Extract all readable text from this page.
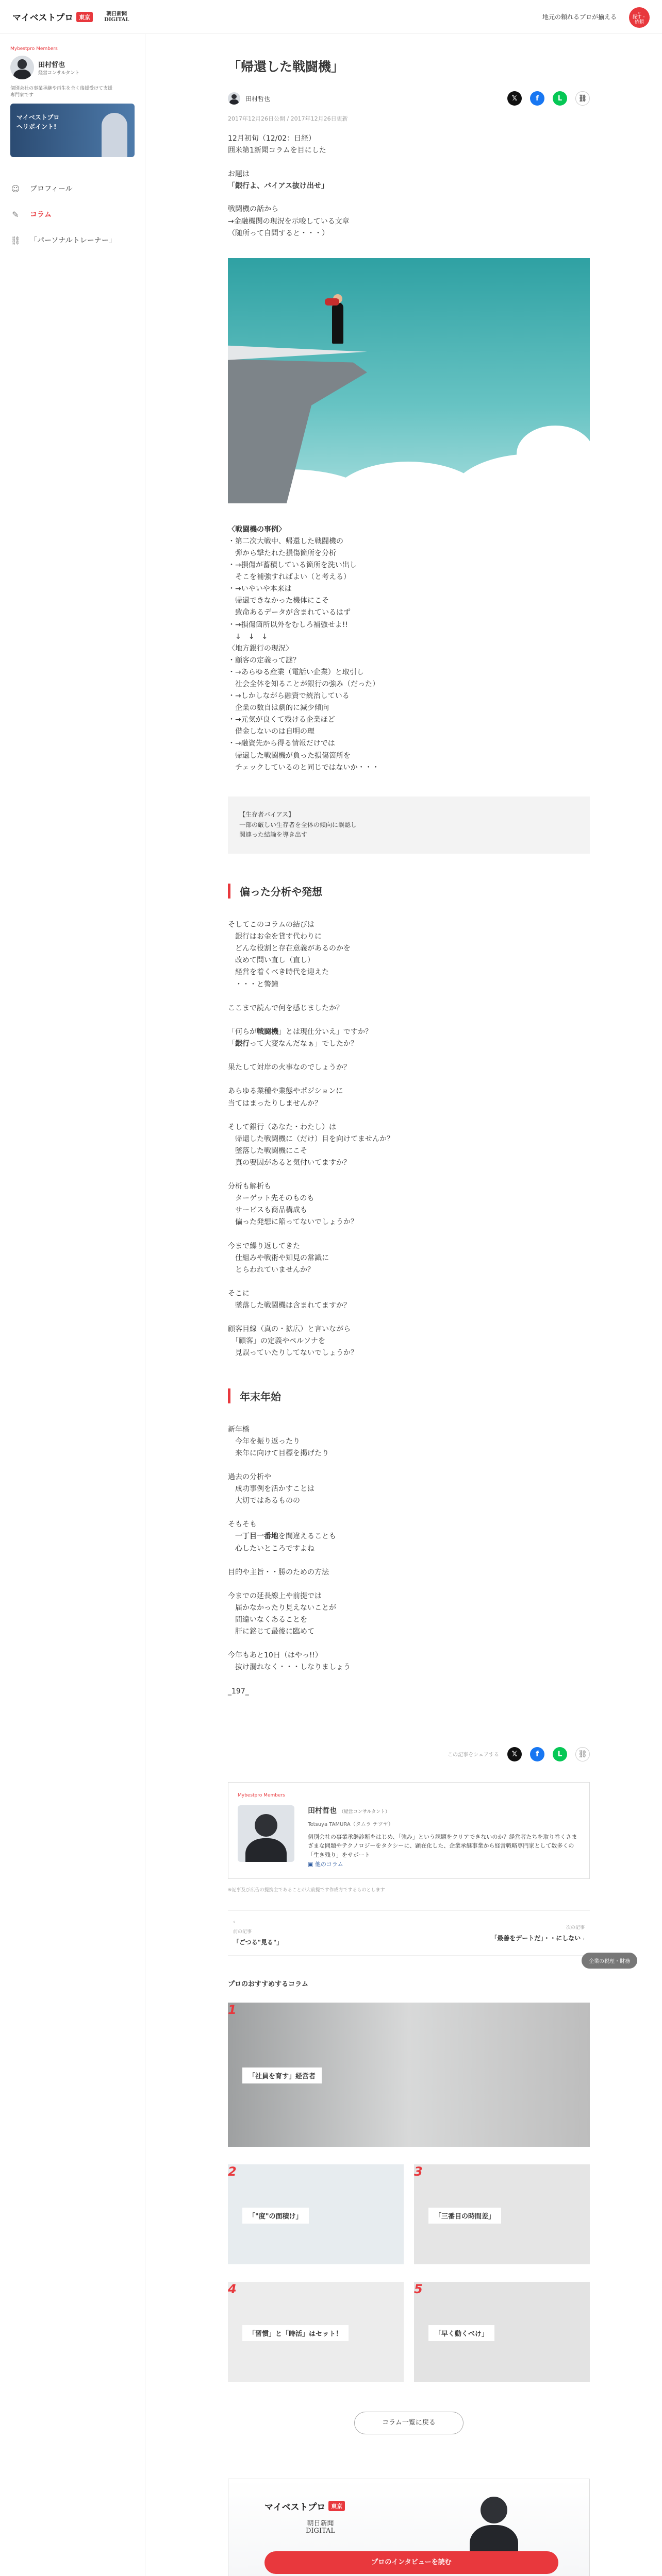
マイベストプロ	東京	朝日新聞
DIGITAL	地元の頼れるプロが揃える
⌕
探す・
依頼
Mybestpro Members
田村哲也
経営コンサルタント
個別会社の事業承継や再生を全く後援受けて支援
専門家です
マイベストプロ
ヘリポイント!
☺ プロフィール
✎ コラム
⛓ 「パーソナルトレーナー」
「帰還した戦闘機」
田村哲也	𝕏	f	L	⛓
2017年12月26日公開 / 2017年12月26日更新
12月初旬（12/02：日経）
囲米第1新聞コラムを目にした

お題は
「銀行よ、バイアス抜け出せ」
戦闘機の話から
→金融機関の現況を示唆している文章
（随所って自問すると・・・）
〈戦闘機の事例〉
・第二次大戦中、帰還した戦闘機の
　弾から撃たれた損傷箇所を分析
・→損傷が蓄積している箇所を洗い出し
　そこを補強すればよい（と考える）
・→いやいや本来は
　帰還できなかった機体にこそ
　致命あるデータが含まれているはず
・→損傷箇所以外をむしろ補強せよ!!
　↓　↓　↓
〈地方銀行の現況〉
・顧客の定義って謎？
・→あらゆる産業（電話い企業）と取引し
　社会全体を知ることが銀行の強み（だった）
・→しかしながら融資で統治している
　企業の数自は劇的に減少傾向
・→元気が良くて残ける企業ほど
　借金しないのは自明の理
・→融資先から得る情報だけでは
　帰還した戦闘機が負った損傷箇所を
　チェックしているのと同じではないか・・・
【生存者バイアス】
一部の厳しい生存者を全体の傾向に誤認し
関連った結論を導き出す
偏った分析や発想
そしてこのコラムの結びは
　銀行はお金を貸す代わりに
　どんな役割と存在意義があるのかを
　改めて問い直し（直し）
　経営を着くべき時代を迎えた
　・・・と警鐘

ここまで読んで何を感じましたか？

「何らが戦闘機」とは現仕分いえ」ですか？
「銀行って大変なんだなぁ」でしたか？

果たして対岸の火事なのでしょうか？

あらゆる業種や業態やポジションに
当てはまったりしませんか？

そして銀行（あなた・わたし）は
　帰還した戦闘機に（だけ）目を向けてませんか？
　墜落した戦闘機にこそ
　真の要因があると気付いてますか？

分析も解析も
　ターゲット先そのものも
　サービスも商品構成も
　偏った発想に陥ってないでしょうか？

今まで繰り返してきた
　仕組みや戦術や知見の常識に
　とらわれていませんか？

そこに
　墜落した戦闘機は含まれてますか？

顧客目線（真の・拡広）と言いながら
　「顧客」の定義やペルソナを
　見誤っていたりしてないでしょうか？
年末年始
新年橋
　今年を振り返ったり
　来年に向けて目標を掲げたり

過去の分析や
　成功事例を活かすことは
　大切ではあるものの

そもそも
　一丁目一番地を間違えることも
　心したいところですよね

目的や主旨・・勝のための方法

今までの延長線上や前提では
　届かなかったり見えないことが
　間違いなくあることを
　肝に銘じて最後に臨めて

今年もあと10日（はやっ!!）
　抜け漏れなく・・・しなりましょう

_197_
この記事をシェアする	𝕏	f	L	⛓
Mybestpro Members
田村哲也 （経営コンサルタント）
Tetsuya TAMURA（タムラ テツヤ）
個別会社の事業承継診断をはじめ、「強み」という課題をクリアできないのか？経営者たちを取り巻くさまざまな問題やテクノロジーをタクシーに、顕在化した、企業承継事業から経営戦略専門家として数多くの「生き残り」をサポート
▣ 他のコラム
※記事及び広告の提携主であることが大前提です作成方でするものとします
‹
前の記事
「ごつる"見る"」
次の記事
「最善をデートだ」・・にしない ›
プロのおすすめするコラム
1
「社員を育す」経営者
2
「"度"の面積け」
3
「三番目の時間差」
4
「習慣」と「時活」はセット！
5
「早く動くべけ」
コラム一覧に戻る
マイベストプロ	東京
朝日新聞
DIGITAL
プロのインタビューを読む
企業の税理・財務
